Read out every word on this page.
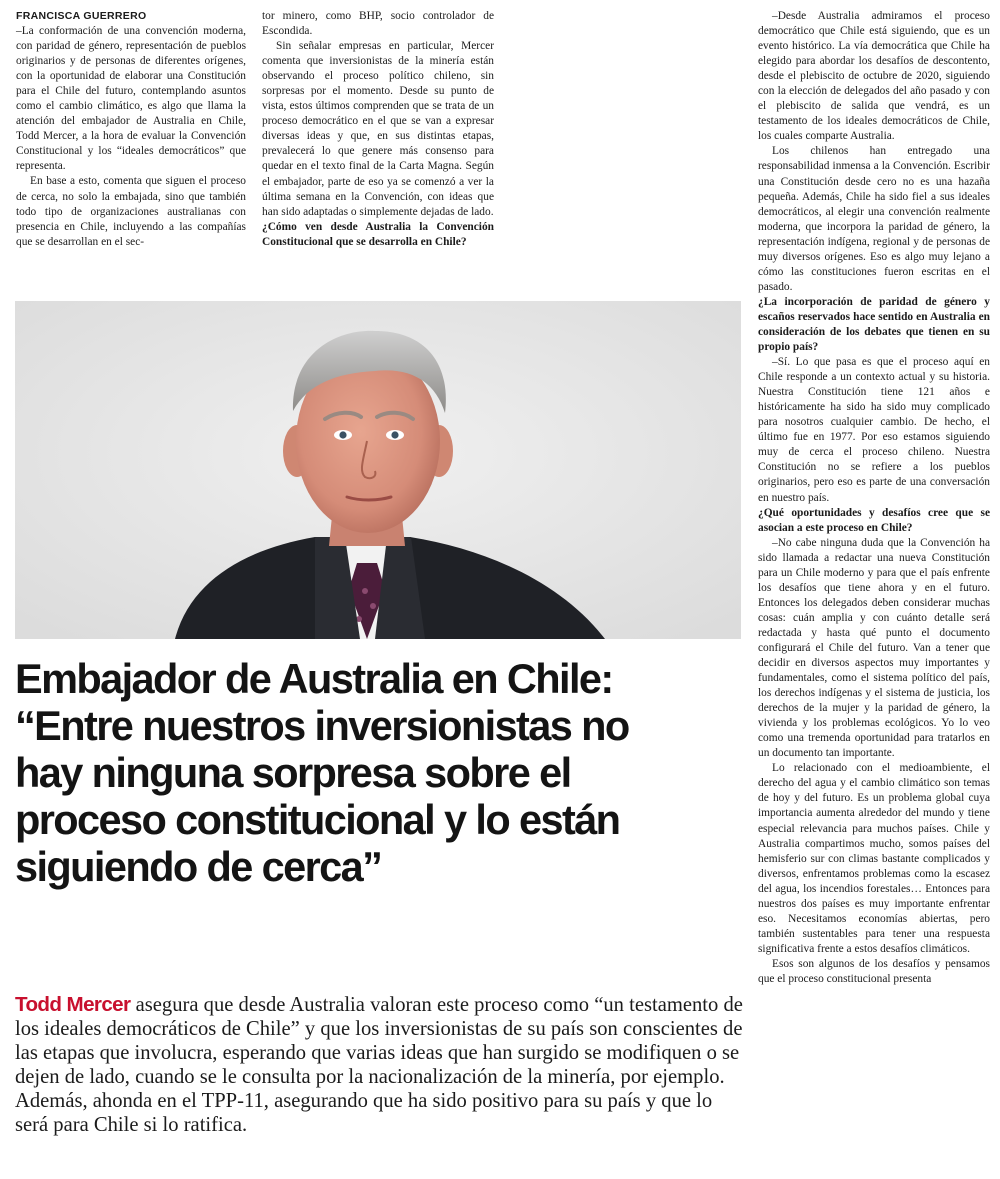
FRANCISCA GUERRERO

–La conformación de una convención moderna, con paridad de género, representación de pueblos originarios y de personas de diferentes orígenes, con la oportunidad de elaborar una Constitución para el Chile del futuro, contemplando asuntos como el cambio climático, es algo que llama la atención del embajador de Australia en Chile, Todd Mercer, a la hora de evaluar la Convención Constitucional y los “ideales democráticos” que representa.

En base a esto, comenta que siguen el proceso de cerca, no solo la embajada, sino que también todo tipo de organizaciones australianas con presencia en Chile, incluyendo a las compañías que se desarrollan en el sec-

tor minero, como BHP, socio controlador de Escondida.

Sin señalar empresas en particular, Mercer comenta que inversionistas de la minería están observando el proceso político chileno, sin sorpresas por el momento. Desde su punto de vista, estos últimos comprenden que se trata de un proceso democrático en el que se van a expresar diversas ideas y que, en sus distintas etapas, prevalecerá lo que genere más consenso para quedar en el texto final de la Carta Magna. Según el embajador, parte de eso ya se comenzó a ver la última semana en la Convención, con ideas que han sido adaptadas o simplemente dejadas de lado.

¿Cómo ven desde Australia la Convención Constitucional que se desarrolla en Chile?

–Desde Australia admiramos el proceso democrático que Chile está siguiendo, que es un evento histórico. La vía democrática que Chile ha elegido para abordar los desafíos de descontento, desde el plebiscito de octubre de 2020, siguiendo con la elección de delegados del año pasado y con el plebiscito de salida que vendrá, es un testamento de los ideales democráticos de Chile, los cuales comparte Australia.

Los chilenos han entregado una responsabilidad inmensa a la Convención. Escribir una Constitución desde cero no es una hazaña pequeña. Además, Chile ha sido fiel a sus ideales democráticos, al elegir una convención realmente moderna, que incorpora la paridad de género, la representación indígena, regional y de personas de muy diversos orígenes. Eso es algo muy lejano a cómo las constituciones fueron escritas en el pasado.

¿La incorporación de paridad de género y escaños reservados hace sentido en Australia en consideración de los debates que tienen en su propio país?

–Sí. Lo que pasa es que el proceso aquí en Chile responde a un contexto actual y su historia. Nuestra Constitución tiene 121 años e históricamente ha sido ha sido muy complicado para nosotros cualquier cambio. De hecho, el último fue en 1977. Por eso estamos siguiendo muy de cerca el proceso chileno. Nuestra Constitución no se refiere a los pueblos originarios, pero eso es parte de una conversación en nuestro país.

¿Qué oportunidades y desafíos cree que se asocian a este proceso en Chile?

–No cabe ninguna duda que la Convención ha sido llamada a redactar una nueva Constitución para un Chile moderno y para que el país enfrente los desafíos que tiene ahora y en el futuro. Entonces los delegados deben considerar muchas cosas: cuán amplia y con cuánto detalle será redactada y hasta qué punto el documento configurará el Chile del futuro. Van a tener que decidir en diversos aspectos muy importantes y fundamentales, como el sistema político del país, los derechos indígenas y el sistema de justicia, los derechos de la mujer y la paridad de género, la vivienda y los problemas ecológicos. Yo lo veo como una tremenda oportunidad para tratarlos en un documento tan importante.

Lo relacionado con el medioambiente, el derecho del agua y el cambio climático son temas de hoy y del futuro. Es un problema global cuya importancia aumenta alrededor del mundo y tiene especial relevancia para muchos países. Chile y Australia compartimos mucho, somos países del hemisferio sur con climas bastante complicados y diversos, enfrentamos problemas como la escasez del agua, los incendios forestales… Entonces para nuestros dos países es muy importante enfrentar eso. Necesitamos economías abiertas, pero también sustentables para tener una respuesta significativa frente a estos desafíos climáticos.

Esos son algunos de los desafíos y pensamos que el proceso constitucional presenta

Embajador de Australia en Chile:
“Entre nuestros inversionistas no
hay ninguna sorpresa sobre el
proceso constitucional y lo están
siguiendo de cerca”
Todd Mercer asegura que desde Australia valoran este proceso como “un testamento de los ideales democráticos de Chile” y que los inversionistas de su país son conscientes de las etapas que involucra, esperando que varias ideas que han surgido se modifiquen o se dejen de lado, cuando se le consulta por la nacionalización de la minería, por ejemplo. Además, ahonda en el TPP-11, asegurando que ha sido positivo para su país y que lo será para Chile si lo ratifica.
